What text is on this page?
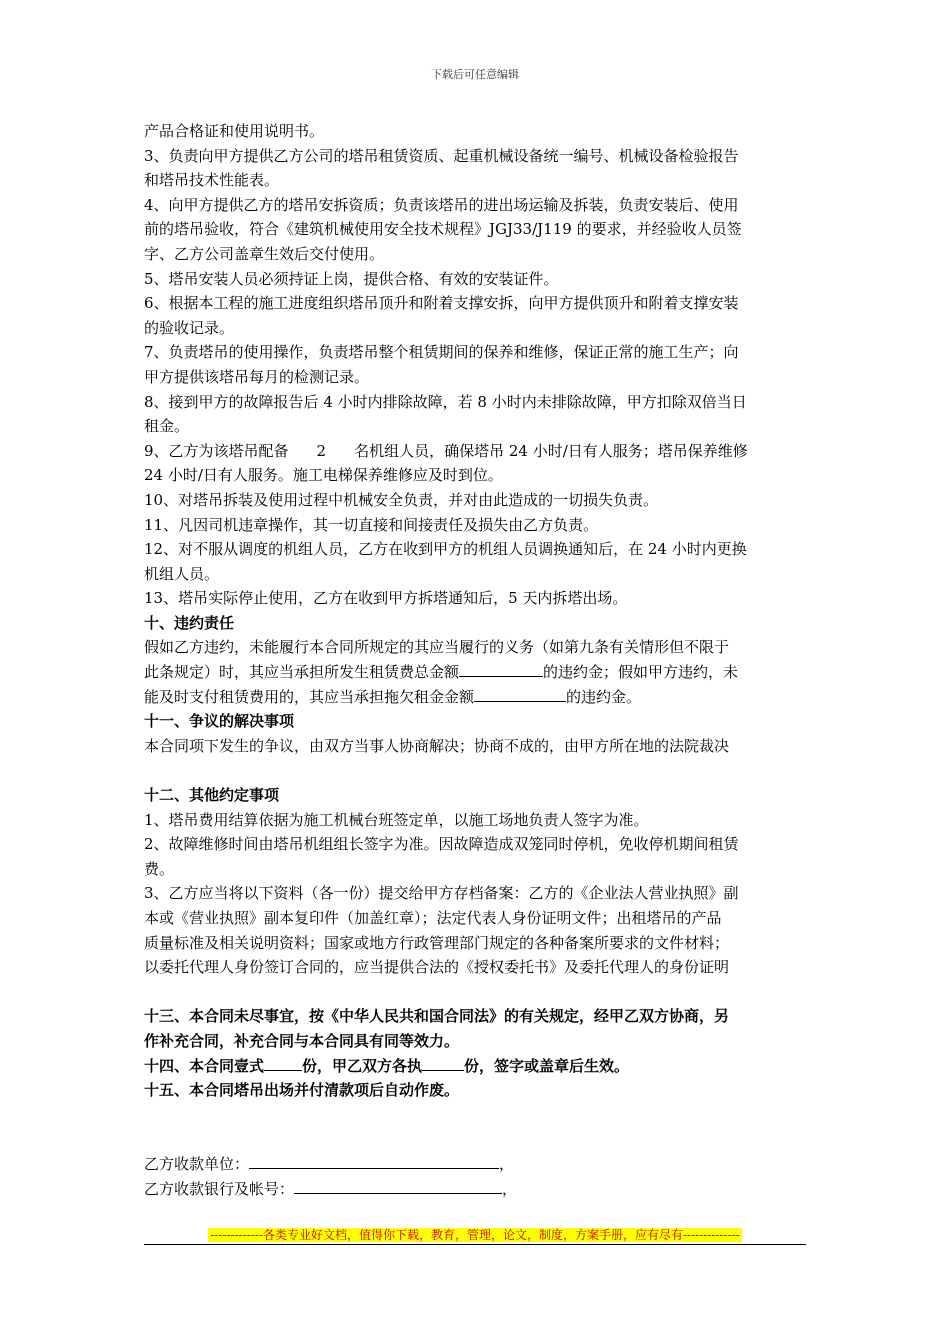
下载后可任意编辑

产品合格证和使用说明书。

3、负责向甲方提供乙方公司的塔吊租赁资质、起重机械设备统一编号、机械设备检验报告

和塔吊技术性能表。

4、向甲方提供乙方的塔吊安拆资质；负责该塔吊的进出场运输及拆装，负责安装后、使用

前的塔吊验收，符合《建筑机械使用安全技术规程》JGJ33/J119 的要求，并经验收人员签

字、乙方公司盖章生效后交付使用。

5、塔吊安装人员必须持证上岗，提供合格、有效的安装证件。

6、根据本工程的施工进度组织塔吊顶升和附着支撑安拆，向甲方提供顶升和附着支撑安装

的验收记录。

7、负责塔吊的使用操作，负责塔吊整个租赁期间的保养和维修，保证正常的施工生产；向

甲方提供该塔吊每月的检测记录。

8、接到甲方的故障报告后 4 小时内排除故障，若 8 小时内未排除故障，甲方扣除双倍当日

租金。

9、乙方为该塔吊配备 2 名机组人员，确保塔吊 24 小时/日有人服务；塔吊保养维修

24 小时/日有人服务。施工电梯保养维修应及时到位。

10、对塔吊拆装及使用过程中机械安全负责，并对由此造成的一切损失负责。

11、凡因司机违章操作，其一切直接和间接责任及损失由乙方负责。

12、对不服从调度的机组人员，乙方在收到甲方的机组人员调换通知后，在 24 小时内更换

机组人员。

13、塔吊实际停止使用，乙方在收到甲方拆塔通知后，5 天内拆塔出场。

十、违约责任

假如乙方违约，未能履行本合同所规定的其应当履行的义务（如第九条有关情形但不限于

此条规定）时，其应当承担所发生租赁费总金额	的违约金；假如甲方违约，未

能及时支付租赁费用的，其应当承担拖欠租金金额	的违约金。

十一、争议的解决事项

本合同项下发生的争议，由双方当事人协商解决；协商不成的，由甲方所在地的法院裁决

十二、其他约定事项

1、塔吊费用结算依据为施工机械台班签定单，以施工场地负责人签字为准。

2、故障维修时间由塔吊机组组长签字为准。因故障造成双笼同时停机，免收停机期间租赁

费。

3、乙方应当将以下资料（各一份）提交给甲方存档备案：乙方的《企业法人营业执照》副

本或《营业执照》副本复印件（加盖红章）；法定代表人身份证明文件；出租塔吊的产品

质量标准及相关说明资料；国家或地方行政管理部门规定的各种备案所要求的文件材料；

以委托代理人身份签订合同的，应当提供合法的《授权委托书》及委托代理人的身份证明

十三、本合同未尽事宜，按《中华人民共和国合同法》的有关规定，经甲乙双方协商，另

作补充合同，补充合同与本合同具有同等效力。

十四、本合同壹式	份，甲乙双方各执	份，签字或盖章后生效。

十五、本合同塔吊出场并付清款项后自动作废。

乙方收款单位：	，

乙方收款银行及帐号：	，

-------------各类专业好文档，值得你下载，教育，管理，论文，制度，方案手册，应有尽有--------------
